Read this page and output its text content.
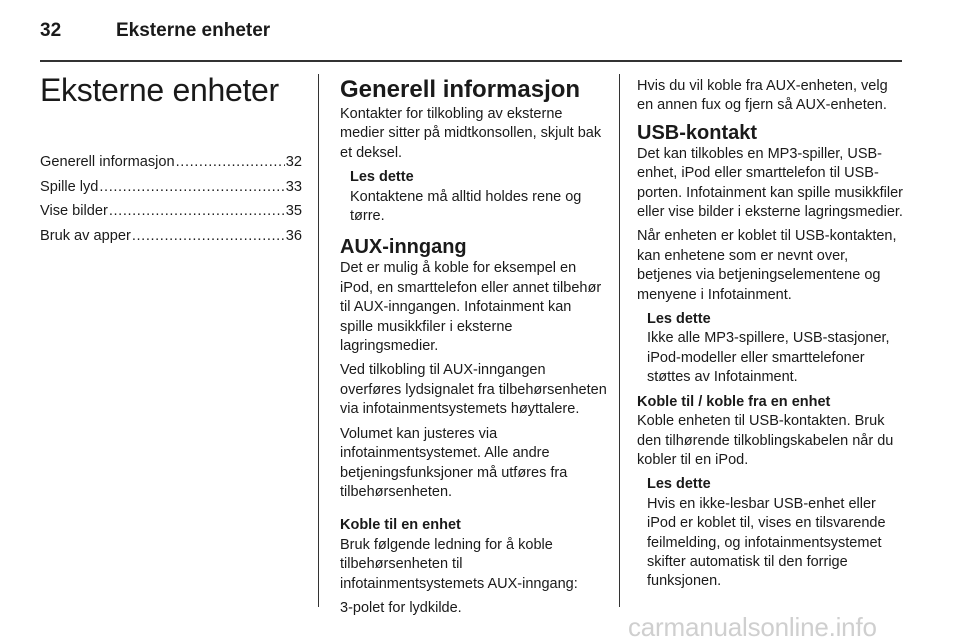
32	Eksterne enheter
Eksterne enheter
Generell informasjon .....	32
Spille lyd .....	33
Vise bilder .....	35
Bruk av apper .....	36
Generell informasjon
Kontakter for tilkobling av eksterne medier sitter på midtkonsollen, skjult bak et deksel.
Les dette
Kontaktene må alltid holdes rene og tørre.
AUX-inngang
Det er mulig å koble for eksempel en iPod, en smarttelefon eller annet tilbehør til AUX-inngangen. Infotainment kan spille musikkfiler i eksterne lagringsmedier.
Ved tilkobling til AUX-inngangen overføres lydsignalet fra tilbehørsenheten via infotainmentsystemets høyttalere.
Volumet kan justeres via infotainmentsystemet. Alle andre betjeningsfunksjoner må utføres fra tilbehørsenheten.
Koble til en enhet
Bruk følgende ledning for å koble tilbehørsenheten til infotainmentsystemets AUX-inngang:
3-polet for lydkilde.
Hvis du vil koble fra AUX-enheten, velg en annen fux og fjern så AUX-enheten.
USB-kontakt
Det kan tilkobles en MP3-spiller, USB-enhet, iPod eller smarttelefon til USB-porten. Infotainment kan spille musikkfiler eller vise bilder i eksterne lagringsmedier.
Når enheten er koblet til USB-kontakten, kan enhetene som er nevnt over, betjenes via betjeningselementene og menyene i Infotainment.
Les dette
Ikke alle MP3-spillere, USB-stasjoner, iPod-modeller eller smarttelefoner støttes av Infotainment.
Koble til / koble fra en enhet
Koble enheten til USB-kontakten. Bruk den tilhørende tilkoblingskabelen når du kobler til en iPod.
Les dette
Hvis en ikke-lesbar USB-enhet eller iPod er koblet til, vises en tilsvarende feilmelding, og infotainmentsystemet skifter automatisk til den forrige funksjonen.
carmanualsonline.info
